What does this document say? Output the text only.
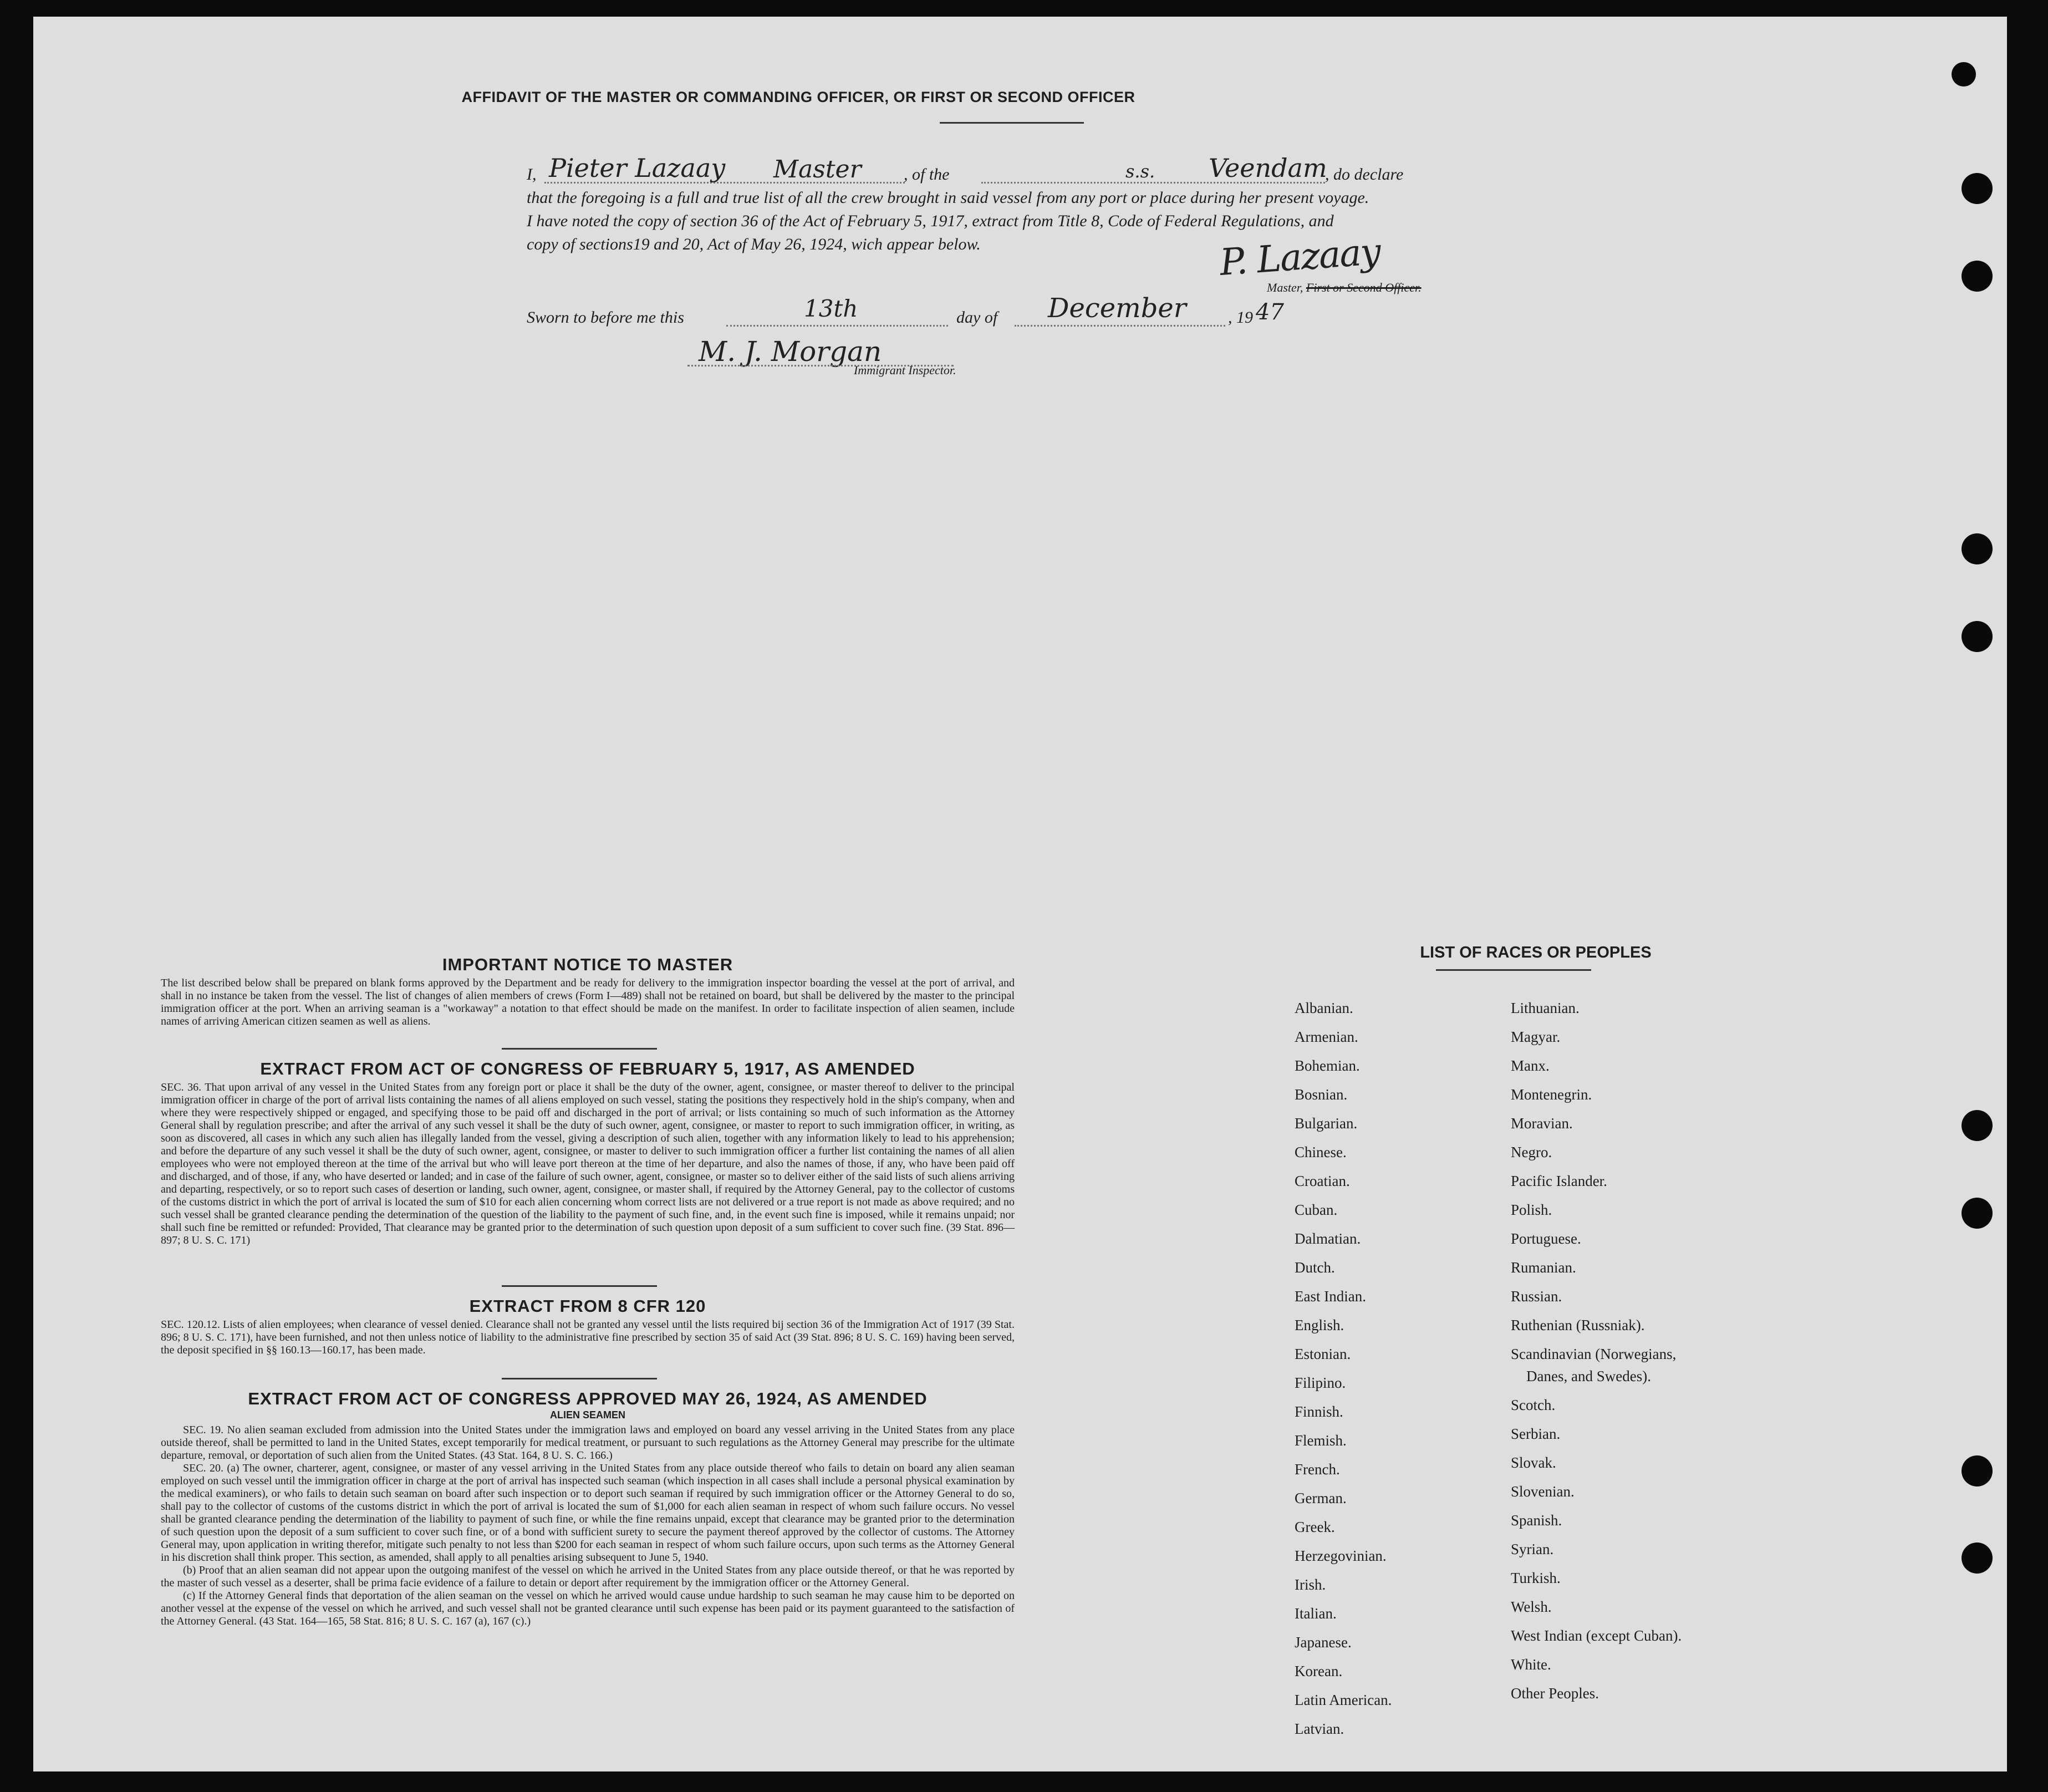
AFFIDAVIT OF THE MASTER OR COMMANDING OFFICER, OR FIRST OR SECOND OFFICER
I, Pieter Lazaay Master	, of the	s.s. Veendam
, do declare
that the foregoing is a full and true list of all the crew brought in said vessel from any port or place during her present voyage.
I have noted the copy of section 36 of the Act of February 5, 1917, extract from Title 8, Code of Federal Regulations, and
copy of sections19 and 20, Act of May 26, 1924, wich appear below.	P. Lazaay
Master, First or Second Officer.
Sworn to before me this	13th	day of December	, 19 47
M. J. Morgan
Immigrant Inspector.
IMPORTANT NOTICE TO MASTER
The list described below shall be prepared on blank forms approved by the Department and be ready for delivery to the immigration inspector boarding the vessel at the port of arrival, and shall in no instance be taken from the vessel. The list of changes of alien members of crews (Form I—489) shall not be retained on board, but shall be delivered by the master to the principal immigration officer at the port. When an arriving seaman is a "workaway" a notation to that effect should be made on the manifest. In order to facilitate inspection of alien seamen, include names of arriving American citizen seamen as well as aliens.
EXTRACT FROM ACT OF CONGRESS OF FEBRUARY 5, 1917, AS AMENDED
SEC. 36. That upon arrival of any vessel in the United States from any foreign port or place it shall be the duty of the owner, agent, consignee, or master thereof to deliver to the principal immigration officer in charge of the port of arrival lists containing the names of all aliens employed on such vessel, stating the positions they respectively hold in the ship's company, when and where they were respectively shipped or engaged, and specifying those to be paid off and discharged in the port of arrival; or lists containing so much of such information as the Attorney General shall by regulation prescribe; and after the arrival of any such vessel it shall be the duty of such owner, agent, consignee, or master to report to such immigration officer, in writing, as soon as discovered, all cases in which any such alien has illegally landed from the vessel, giving a description of such alien, together with any information likely to lead to his apprehension; and before the departure of any such vessel it shall be the duty of such owner, agent, consignee, or master to deliver to such immigration officer a further list containing the names of all alien employees who were not employed thereon at the time of the arrival but who will leave port thereon at the time of her departure, and also the names of those, if any, who have been paid off and discharged, and of those, if any, who have deserted or landed; and in case of the failure of such owner, agent, consignee, or master so to deliver either of the said lists of such aliens arriving and departing, respectively, or so to report such cases of desertion or landing, such owner, agent, consignee, or master shall, if required by the Attorney General, pay to the collector of customs of the customs district in which the port of arrival is located the sum of $10 for each alien concerning whom correct lists are not delivered or a true report is not made as above required; and no such vessel shall be granted clearance pending the determination of the question of the liability to the payment of such fine, and, in the event such fine is imposed, while it remains unpaid; nor shall such fine be remitted or refunded: Provided, That clearance may be granted prior to the determination of such question upon deposit of a sum sufficient to cover such fine. (39 Stat. 896—897; 8 U. S. C. 171)
EXTRACT FROM 8 CFR 120
SEC. 120.12. Lists of alien employees; when clearance of vessel denied. Clearance shall not be granted any vessel until the lists required bij section 36 of the Immigration Act of 1917 (39 Stat. 896; 8 U. S. C. 171), have been furnished, and not then unless notice of liability to the administrative fine prescribed by section 35 of said Act (39 Stat. 896; 8 U. S. C. 169) having been served, the deposit specified in §§ 160.13—160.17, has been made.
EXTRACT FROM ACT OF CONGRESS APPROVED MAY 26, 1924, AS AMENDED
ALIEN SEAMEN
SEC. 19. No alien seaman excluded from admission into the United States under the immigration laws and employed on board any vessel arriving in the United States from any place outside thereof, shall be permitted to land in the United States, except temporarily for medical treatment, or pursuant to such regulations as the Attorney General may prescribe for the ultimate departure, removal, or deportation of such alien from the United States. (43 Stat. 164, 8 U. S. C. 166.)
SEC. 20. (a) The owner, charterer, agent, consignee, or master of any vessel arriving in the United States from any place outside thereof who fails to detain on board any alien seaman employed on such vessel until the immigration officer in charge at the port of arrival has inspected such seaman (which inspection in all cases shall include a personal physical examination by the medical examiners), or who fails to detain such seaman on board after such inspection or to deport such seaman if required by such immigration officer or the Attorney General to do so, shall pay to the collector of customs of the customs district in which the port of arrival is located the sum of $1,000 for each alien seaman in respect of whom such failure occurs. No vessel shall be granted clearance pending the determination of the liability to payment of such fine, or while the fine remains unpaid, except that clearance may be granted prior to the determination of such question upon the deposit of a sum sufficient to cover such fine, or of a bond with sufficient surety to secure the payment thereof approved by the collector of customs. The Attorney General may, upon application in writing therefor, mitigate such penalty to not less than $200 for each seaman in respect of whom such failure occurs, upon such terms as the Attorney General in his discretion shall think proper. This section, as amended, shall apply to all penalties arising subsequent to June 5, 1940.
(b) Proof that an alien seaman did not appear upon the outgoing manifest of the vessel on which he arrived in the United States from any place outside thereof, or that he was reported by the master of such vessel as a deserter, shall be prima facie evidence of a failure to detain or deport after requirement by the immigration officer or the Attorney General.
(c) If the Attorney General finds that deportation of the alien seaman on the vessel on which he arrived would cause undue hardship to such seaman he may cause him to be deported on another vessel at the expense of the vessel on which he arrived, and such vessel shall not be granted clearance until such expense has been paid or its payment guaranteed to the satisfaction of the Attorney General. (43 Stat. 164—165, 58 Stat. 816; 8 U. S. C. 167 (a), 167 (c).)
LIST OF RACES OR PEOPLES
Albanian.
Armenian.
Bohemian.
Bosnian.
Bulgarian.
Chinese.
Croatian.
Cuban.
Dalmatian.
Dutch.
East Indian.
English.
Estonian.
Filipino.
Finnish.
Flemish.
French.
German.
Greek.
Herzegovinian.
Irish.
Italian.
Japanese.
Korean.
Latin American.
Latvian.
Lithuanian.
Magyar.
Manx.
Montenegrin.
Moravian.
Negro.
Pacific Islander.
Polish.
Portuguese.
Rumanian.
Russian.
Ruthenian (Russniak).
Scandinavian (Norwegians,
Danes, and Swedes).
Scotch.
Serbian.
Slovak.
Slovenian.
Spanish.
Syrian.
Turkish.
Welsh.
West Indian (except Cuban).
White.
Other Peoples.
